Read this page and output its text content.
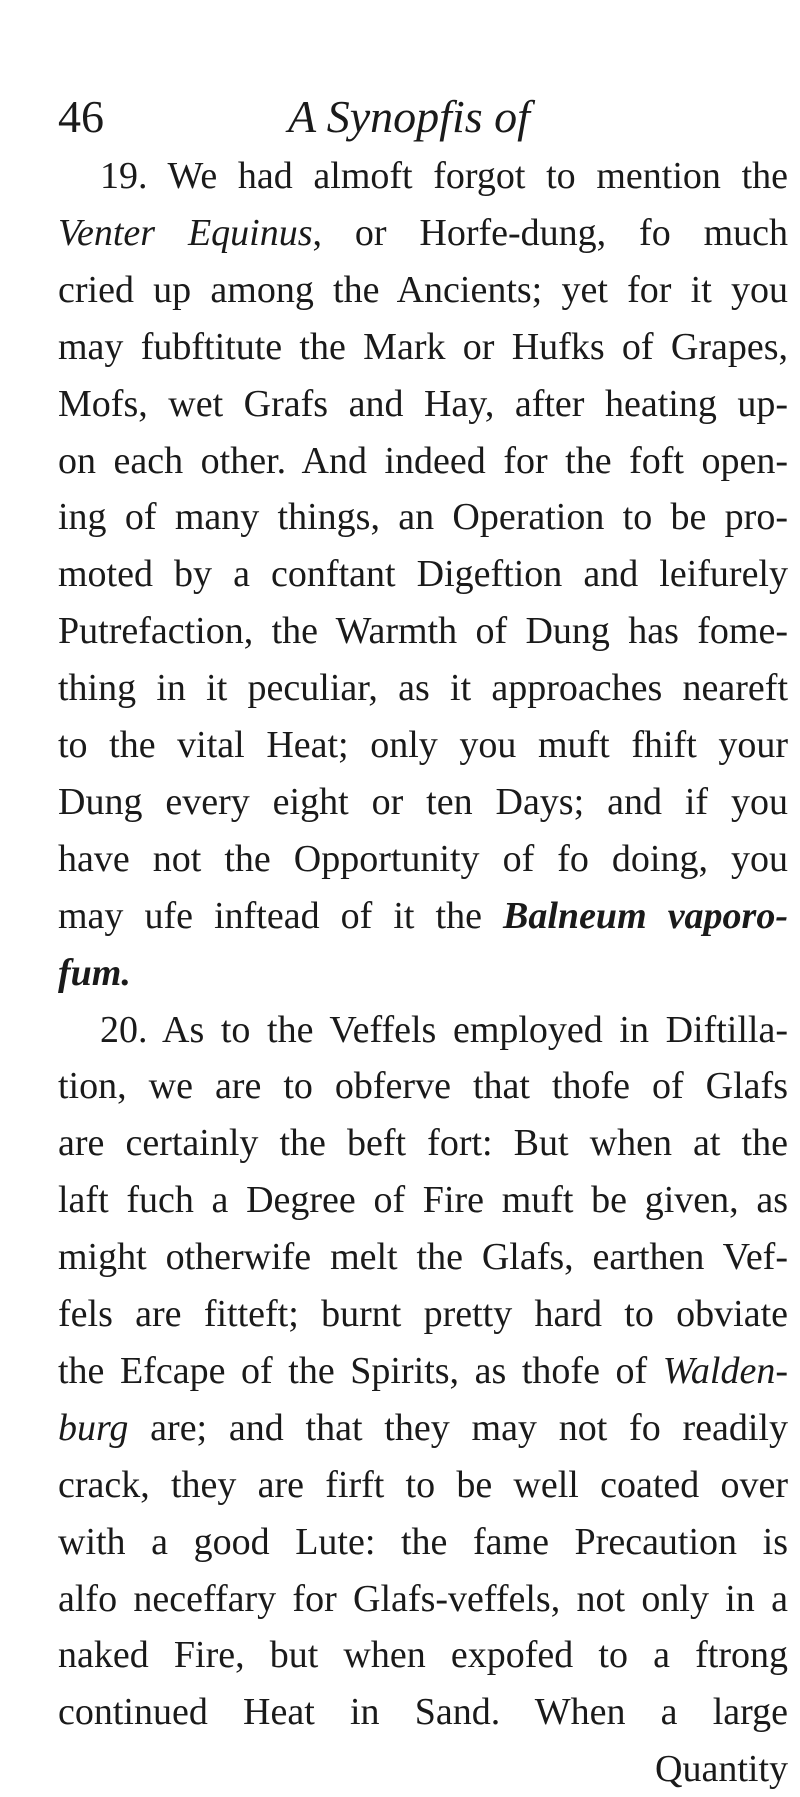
46	A Synopfis of
19. We had almoft forgot to mention the
Venter Equinus, or Horfe-dung, fo much
cried up among the Ancients; yet for it you
may fubftitute the Mark or Hufks of Grapes,
Mofs, wet Grafs and Hay, after heating up-
on each other. And indeed for the foft open-
ing of many things, an Operation to be pro-
moted by a conftant Digeftion and leifurely
Putrefaction, the Warmth of Dung has fome-
thing in it peculiar, as it approaches neareft
to the vital Heat; only you muft fhift your
Dung every eight or ten Days; and if you
have not the Opportunity of fo doing, you
may ufe inftead of it the Balneum vaporo-
fum.
20. As to the Veffels employed in Diftilla-
tion, we are to obferve that thofe of Glafs
are certainly the beft fort: But when at the
laft fuch a Degree of Fire muft be given, as
might otherwife melt the Glafs, earthen Vef-
fels are fitteft; burnt pretty hard to obviate
the Efcape of the Spirits, as thofe of Walden-
burg are; and that they may not fo readily
crack, they are firft to be well coated over
with a good Lute: the fame Precaution is
alfo neceffary for Glafs-veffels, not only in a
naked Fire, but when expofed to a ftrong
continued Heat in Sand. When a large
Quantity
